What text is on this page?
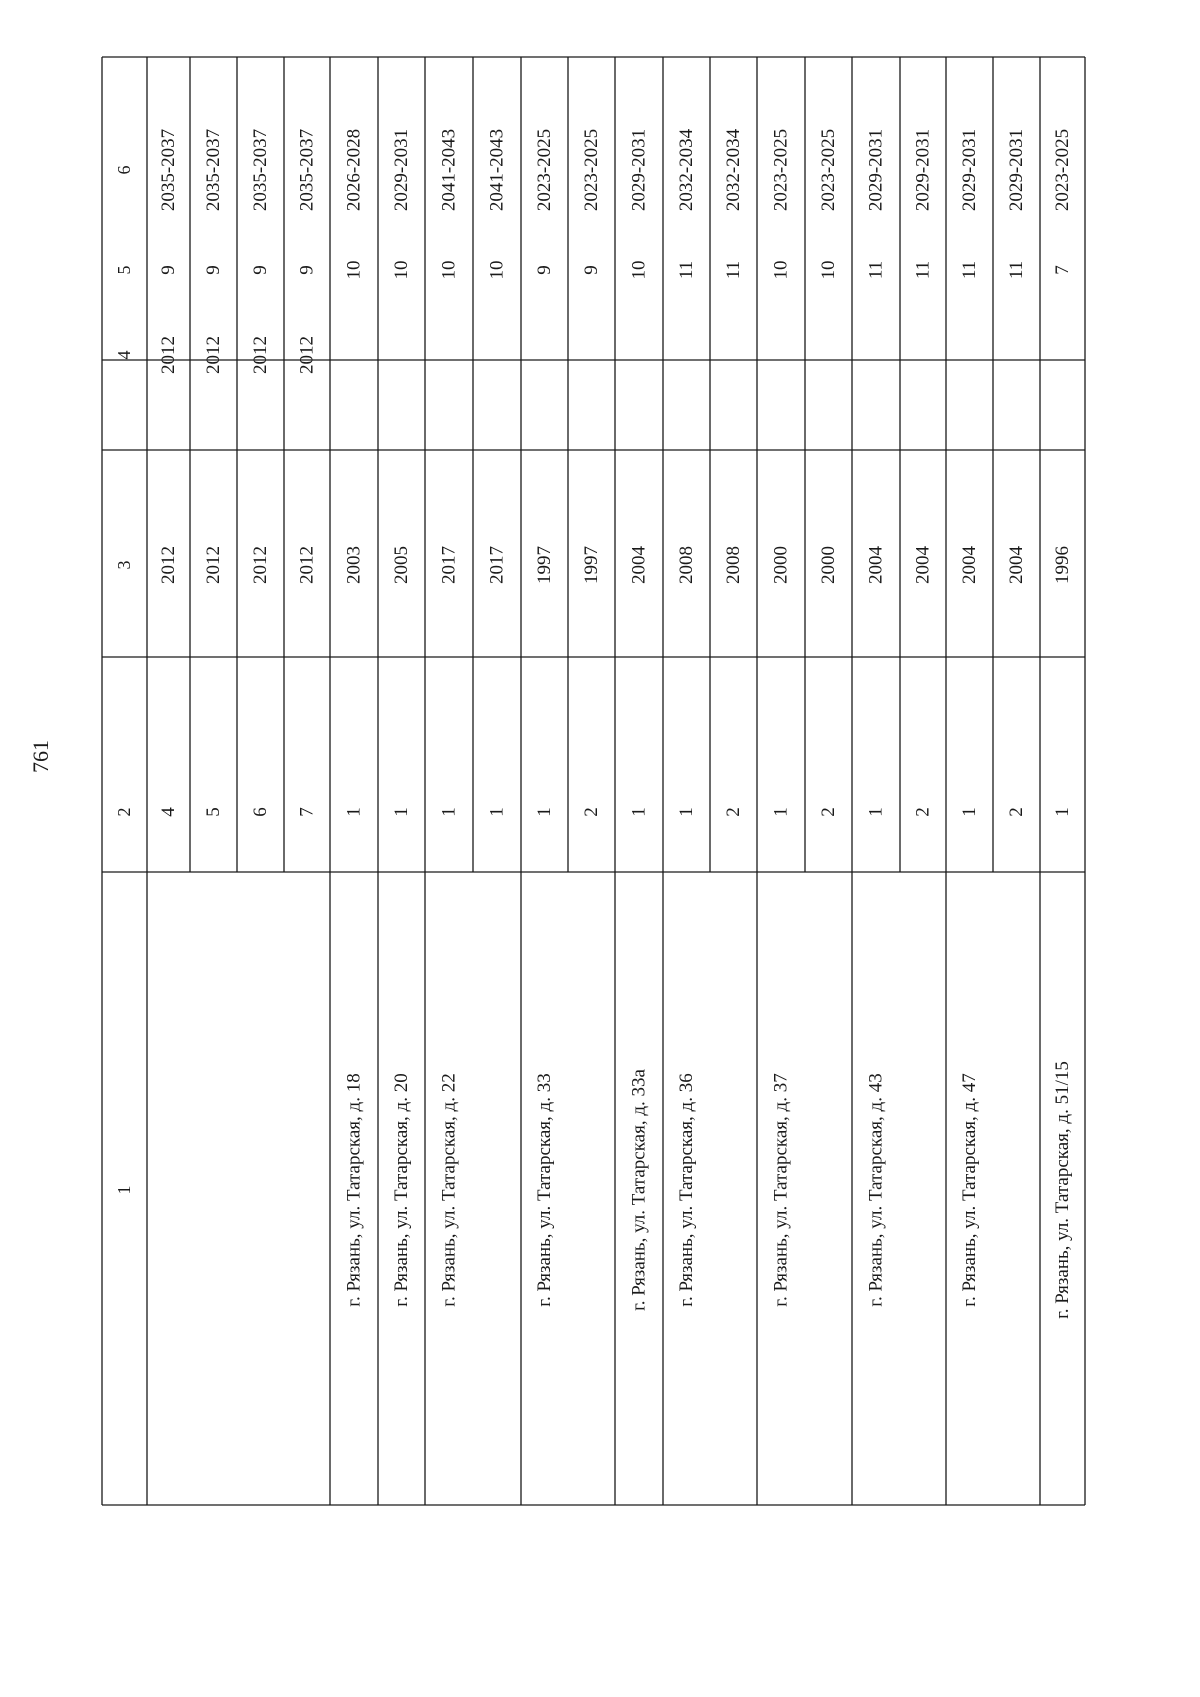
761
1
2
3
4
5
6
4
2012
2012
9
2035-2037
5
2012
2012
9
2035-2037
6
2012
2012
9
2035-2037
7
2012
2012
9
2035-2037
г. Рязань, ул. Татарская, д. 18
1
2003
10
2026-2028
г. Рязань, ул. Татарская, д. 20
1
2005
10
2029-2031
г. Рязань, ул. Татарская, д. 22
1
2017
10
2041-2043
1
2017
10
2041-2043
г. Рязань, ул. Татарская, д. 33
1
1997
9
2023-2025
2
1997
9
2023-2025
г. Рязань, ул. Татарская, д. 33а
1
2004
10
2029-2031
г. Рязань, ул. Татарская, д. 36
1
2008
11
2032-2034
2
2008
11
2032-2034
г. Рязань, ул. Татарская, д. 37
1
2000
10
2023-2025
2
2000
10
2023-2025
г. Рязань, ул. Татарская, д. 43
1
2004
11
2029-2031
2
2004
11
2029-2031
г. Рязань, ул. Татарская, д. 47
1
2004
11
2029-2031
2
2004
11
2029-2031
г. Рязань, ул. Татарская, д. 51/15
1
1996
7
2023-2025
